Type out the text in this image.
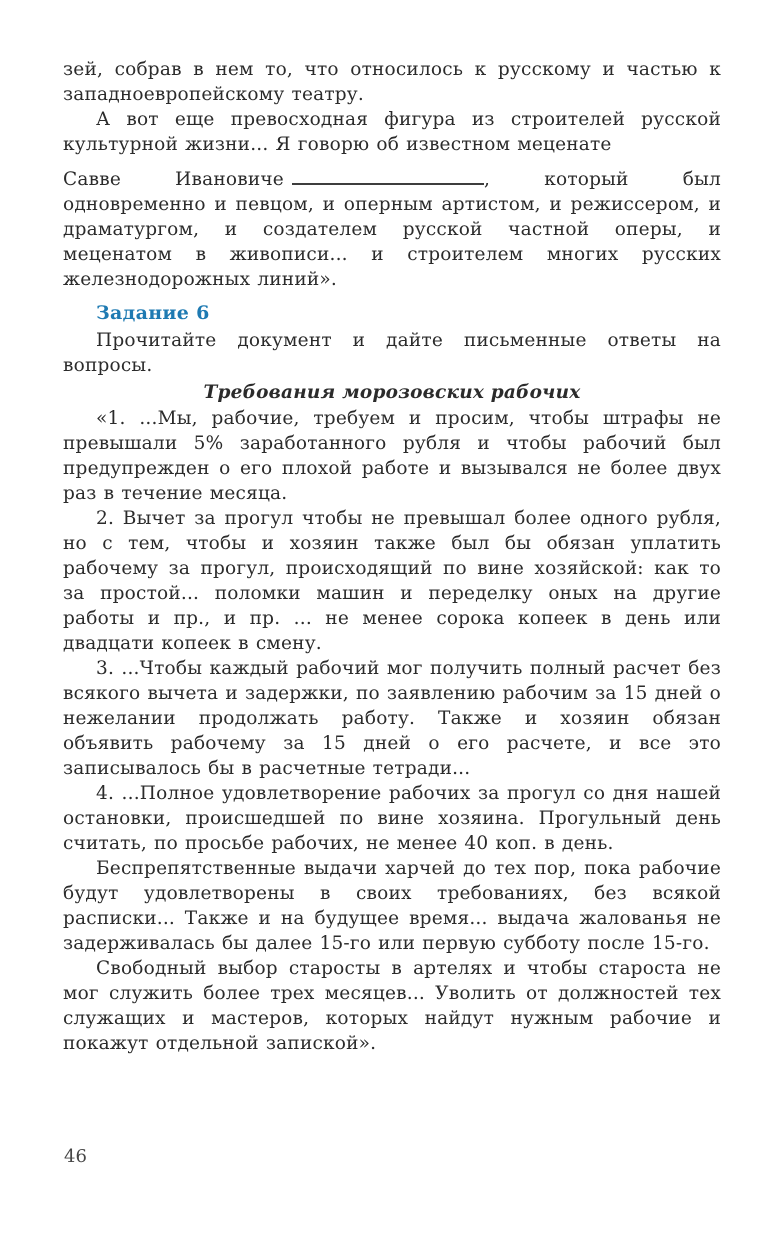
зей, собрав в нем то, что относилось к русскому и частью к западноевропейскому театру.

А вот еще превосходная фигура из строителей русской культурной жизни... Я говорю об известном меценате

Савве Ивановиче	, который был одновременно и певцом, и оперным артистом, и режиссером, и драматургом, и создателем русской частной оперы, и меценатом в живописи... и строителем многих русских железнодорожных линий».

Задание 6

Прочитайте документ и дайте письменные ответы на вопросы.

Требования морозовских рабочих

«1. ...Мы, рабочие, требуем и просим, чтобы штрафы не превышали 5% заработанного рубля и чтобы рабочий был предупрежден о его плохой работе и вызывался не более двух раз в течение месяца.

2. Вычет за прогул чтобы не превышал более одного рубля, но с тем, чтобы и хозяин также был бы обязан уплатить рабочему за прогул, происходящий по вине хозяйской: как то за простой... поломки машин и переделку оных на другие работы и пр., и пр. ... не менее сорока копеек в день или двадцати копеек в смену.

3. ...Чтобы каждый рабочий мог получить полный расчет без всякого вычета и задержки, по заявлению рабочим за 15 дней о нежелании продолжать работу. Также и хозяин обязан объявить рабочему за 15 дней о его расчете, и все это записывалось бы в расчетные тетради...

4. ...Полное удовлетворение рабочих за прогул со дня нашей остановки, происшедшей по вине хозяина. Прогульный день считать, по просьбе рабочих, не менее 40 коп. в день.

Беспрепятственные выдачи харчей до тех пор, пока рабочие будут удовлетворены в своих требованиях, без всякой расписки... Также и на будущее время... выдача жалованья не задерживалась бы далее 15-го или первую субботу после 15-го.

Свободный выбор старосты в артелях и чтобы староста не мог служить более трех месяцев... Уволить от должностей тех служащих и мастеров, которых найдут нужным рабочие и покажут отдельной запиской».

46
